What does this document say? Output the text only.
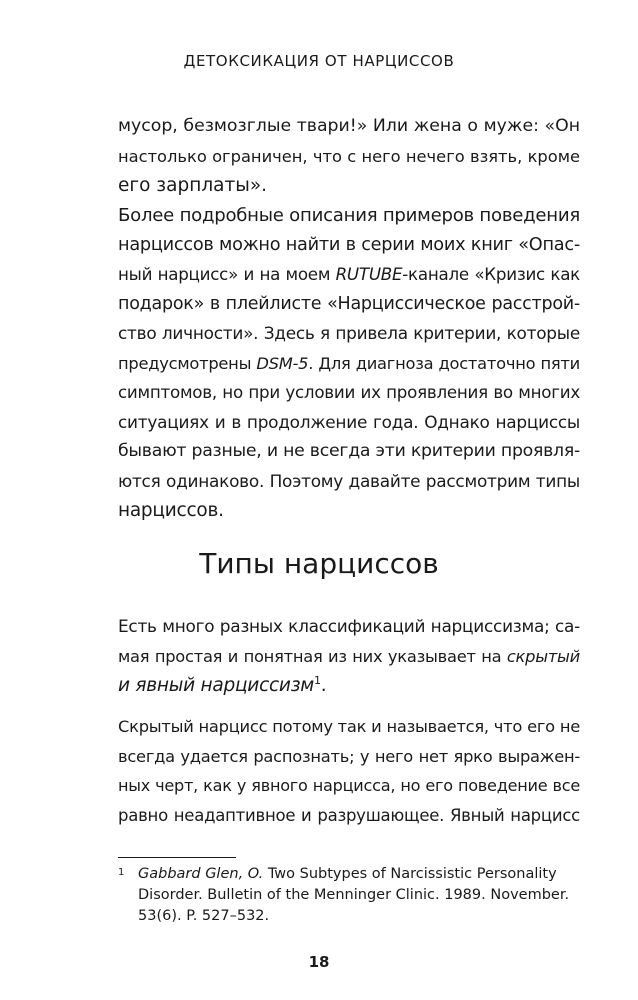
ДЕТОКСИКАЦИЯ ОТ НАРЦИССОВ

мусор, безмозглые твари!» Или жена о муже: «Он
настолько ограничен, что с него нечего взять, кроме
его зарплаты».

Более подробные описания примеров поведения
нарциссов можно найти в серии моих книг «Опас-
ный нарцисс» и на моем RUTUBE-канале «Кризис как
подарок» в плейлисте «Нарциссическое расстрой-
ство личности». Здесь я привела критерии, которые
предусмотрены DSM-5. Для диагноза достаточно пяти
симптомов, но при условии их проявления во многих
ситуациях и в продолжение года. Однако нарциссы
бывают разные, и не всегда эти критерии проявля-
ются одинаково. Поэтому давайте рассмотрим типы
нарциссов.

Типы нарциссов

Есть много разных классификаций нарциссизма; са-
мая простая и понятная из них указывает на скрытый
и явный нарциссизм$^1$.

Скрытый нарцисс потому так и называется, что его не
всегда удается распознать; у него нет ярко выражен-
ных черт, как у явного нарцисса, но его поведение все
равно неадаптивное и разрушающее. Явный нарцисс

1 Gabbard Glen, O. Two Subtypes of Narcissistic Personality
Disorder. Bulletin of the Menninger Clinic. 1989. November.
53(6). P. 527–532.
18
